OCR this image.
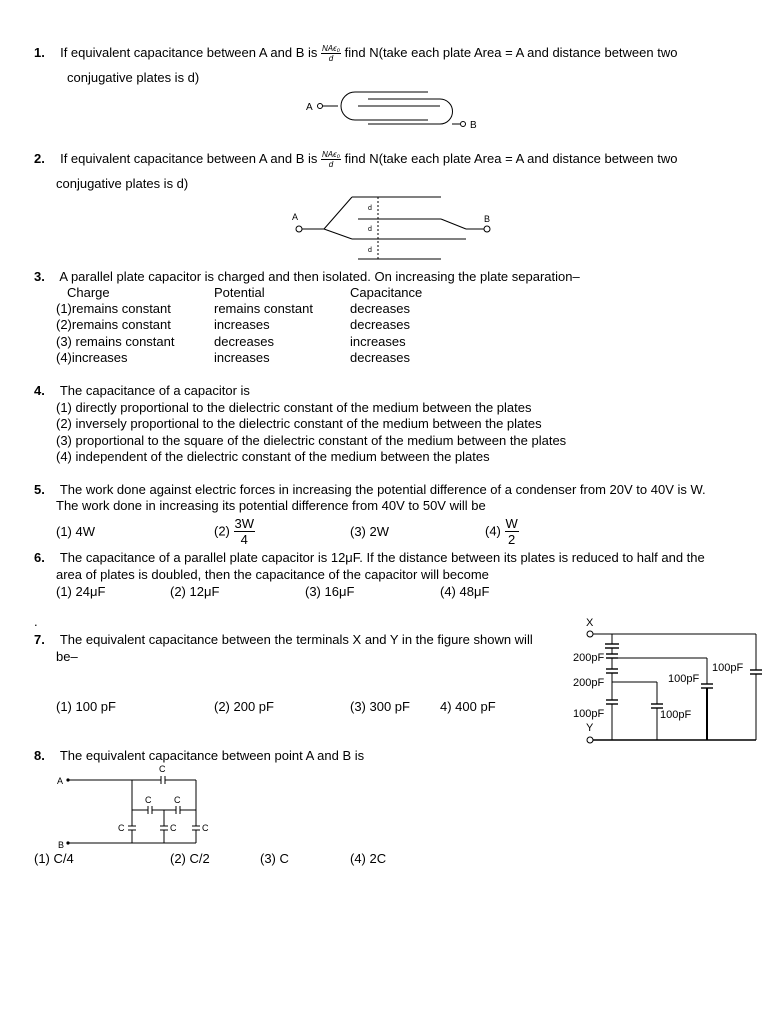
1. If equivalent capacitance between A and B is $\frac{\text{NAϵ₀}}{d}$ find N(take each plate Area = A and distance between two
conjugative plates is d)
A
B
2. If equivalent capacitance between A and B is $\frac{\text{NAϵ₀}}{d}$ find N(take each plate Area = A and distance between two
conjugative plates is d)
A	B
d
d
d
3. A parallel plate capacitor is charged and then isolated. On increasing the plate separation–
Charge	Potential	Capacitance
(1)remains constant	remains constant	decreases
(2)remains constant	increases	decreases
(3) remains constant	decreases	increases
(4)increases	increases	decreases
4. The capacitance of a capacitor is
(1) directly proportional to the dielectric constant of the medium between the plates
(2) inversely proportional to the dielectric constant of the medium between the plates
(3) proportional to the square of the dielectric constant of the medium between the plates
(4) independent of the dielectric constant of the medium between the plates
5. The work done against electric forces in increasing the potential difference of a condenser from 20V to 40V is W.
The work done in increasing its potential difference from 40V to 50V will be
(1) 4W	$(2) \frac{3W}{4}$	(3) 2W	$(4) \frac{W}{2}$
6. The capacitance of a parallel plate capacitor is 12μF. If the distance between its plates is reduced to half and the
area of plates is doubled, then the capacitance of the capacitor will become
(1) 24μF	(2) 12μF	(3) 16μF	(4) 48μF
.
7. The equivalent capacitance between the terminals X and Y in the figure shown will
be–
(1) 100 pF	(2) 200 pF	(3) 300 pF 4) 400 pF
X
200pF
200pF
100pF
100pF
100pF
100pF
Y
8. The equivalent capacitance between point A and B is
A
C
C	C
C	C	C
B
(1) C/4	(2) C/2	(3) C	(4) 2C
